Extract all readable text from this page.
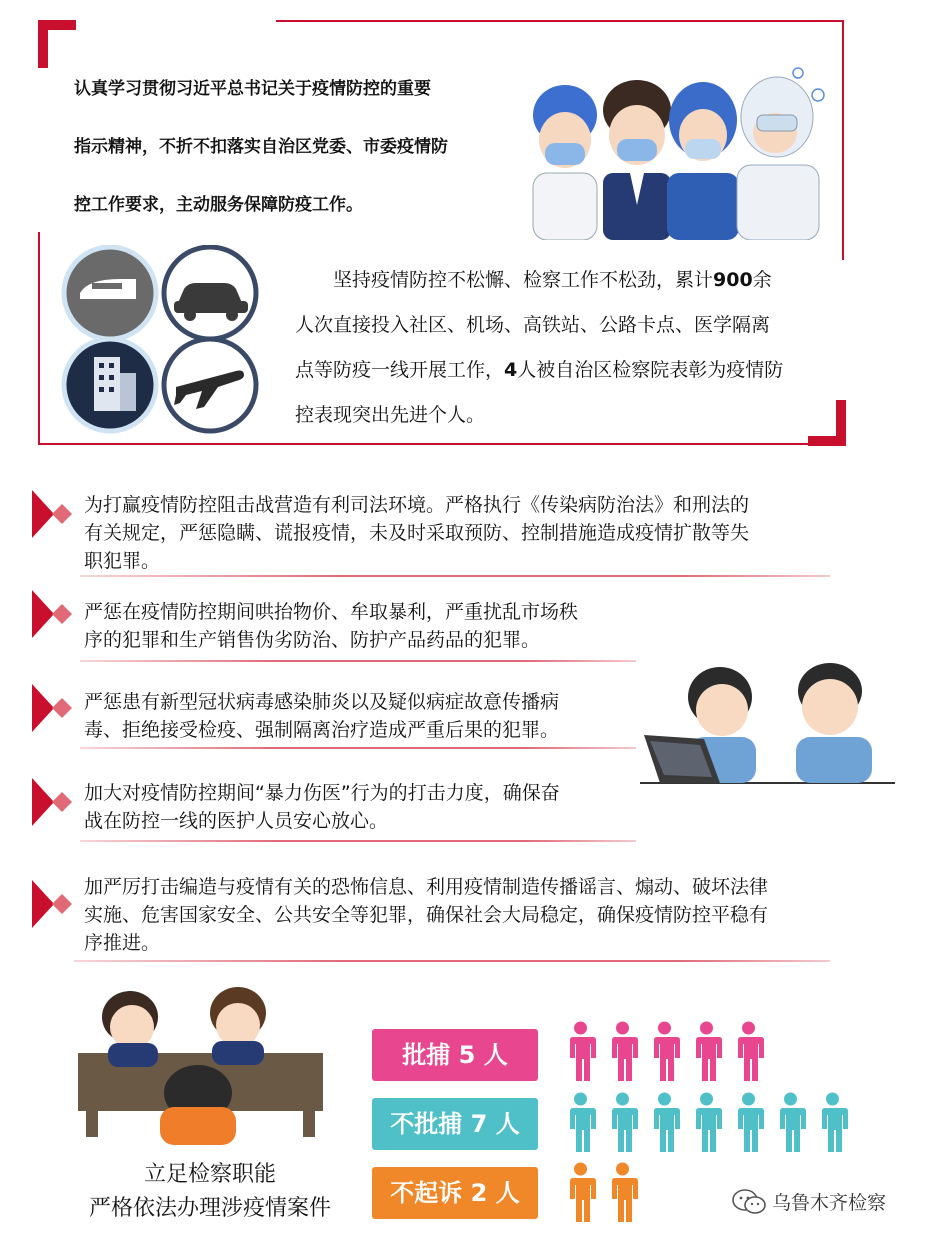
认真学习贯彻习近平总书记关于疫情防控的重要
指示精神，不折不扣落实自治区党委、市委疫情防
控工作要求，主动服务保障防疫工作。
坚持疫情防控不松懈、检察工作不松劲，累计900余
人次直接投入社区、机场、高铁站、公路卡点、医学隔离
点等防疫一线开展工作，4人被自治区检察院表彰为疫情防
控表现突出先进个人。
为打赢疫情防控阻击战营造有利司法环境。严格执行《传染病防治法》和刑法的
有关规定，严惩隐瞒、谎报疫情，未及时采取预防、控制措施造成疫情扩散等失
职犯罪。
严惩在疫情防控期间哄抬物价、牟取暴利，严重扰乱市场秩
序的犯罪和生产销售伪劣防治、防护产品药品的犯罪。
严惩患有新型冠状病毒感染肺炎以及疑似病症故意传播病
毒、拒绝接受检疫、强制隔离治疗造成严重后果的犯罪。
加大对疫情防控期间“暴力伤医”行为的打击力度，确保奋
战在防控一线的医护人员安心放心。
加严厉打击编造与疫情有关的恐怖信息、利用疫情制造传播谣言、煽动、破坏法律
实施、危害国家安全、公共安全等犯罪，确保社会大局稳定，确保疫情防控平稳有
序推进。
立足检察职能
严格依法办理涉疫情案件
批捕 5 人
不批捕 7 人
不起诉 2 人	乌鲁木齐检察
